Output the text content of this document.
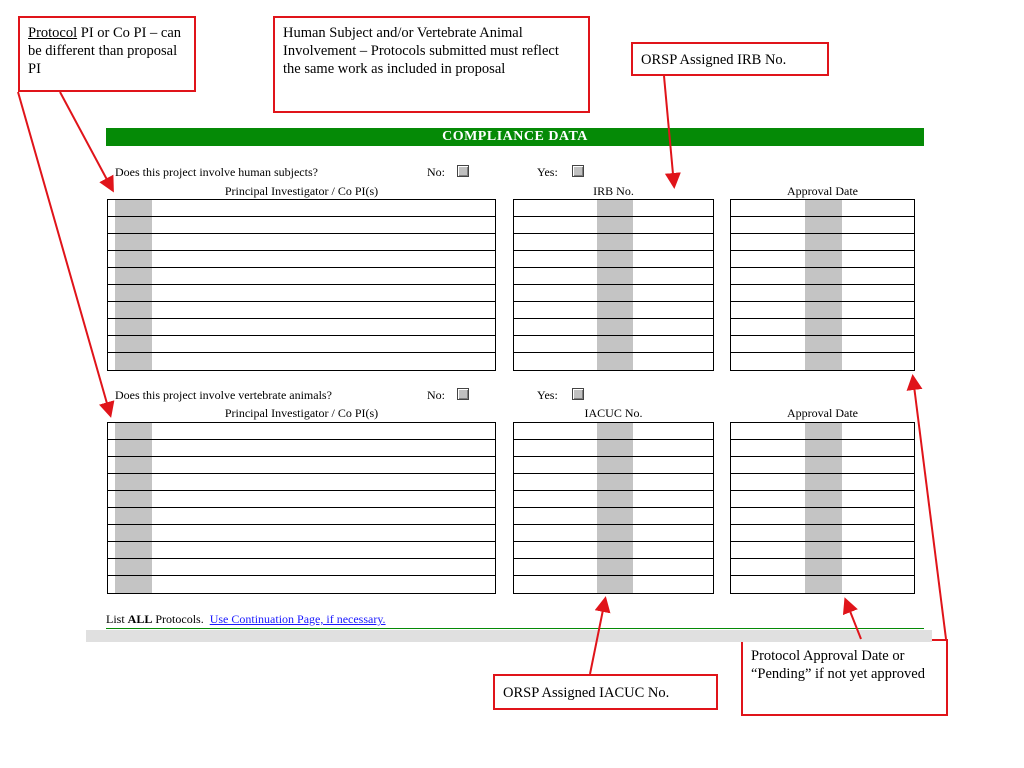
Protocol PI or Co PI – can be different than proposal PI
Human Subject and/or Vertebrate Animal Involvement – Protocols submitted must reflect the same work as included in proposal
ORSP Assigned IRB No.
Protocol Approval Date or “Pending” if not yet approved
ORSP Assigned IACUC No.
COMPLIANCE DATA
Does this project involve human subjects?	No:	Yes:
Principal Investigator / Co PI(s)	IRB No.	Approval Date
Does this project involve vertebrate animals?	No:	Yes:
Principal Investigator / Co PI(s)	IACUC No.	Approval Date
List ALL Protocols.  Use Continuation Page, if necessary.
